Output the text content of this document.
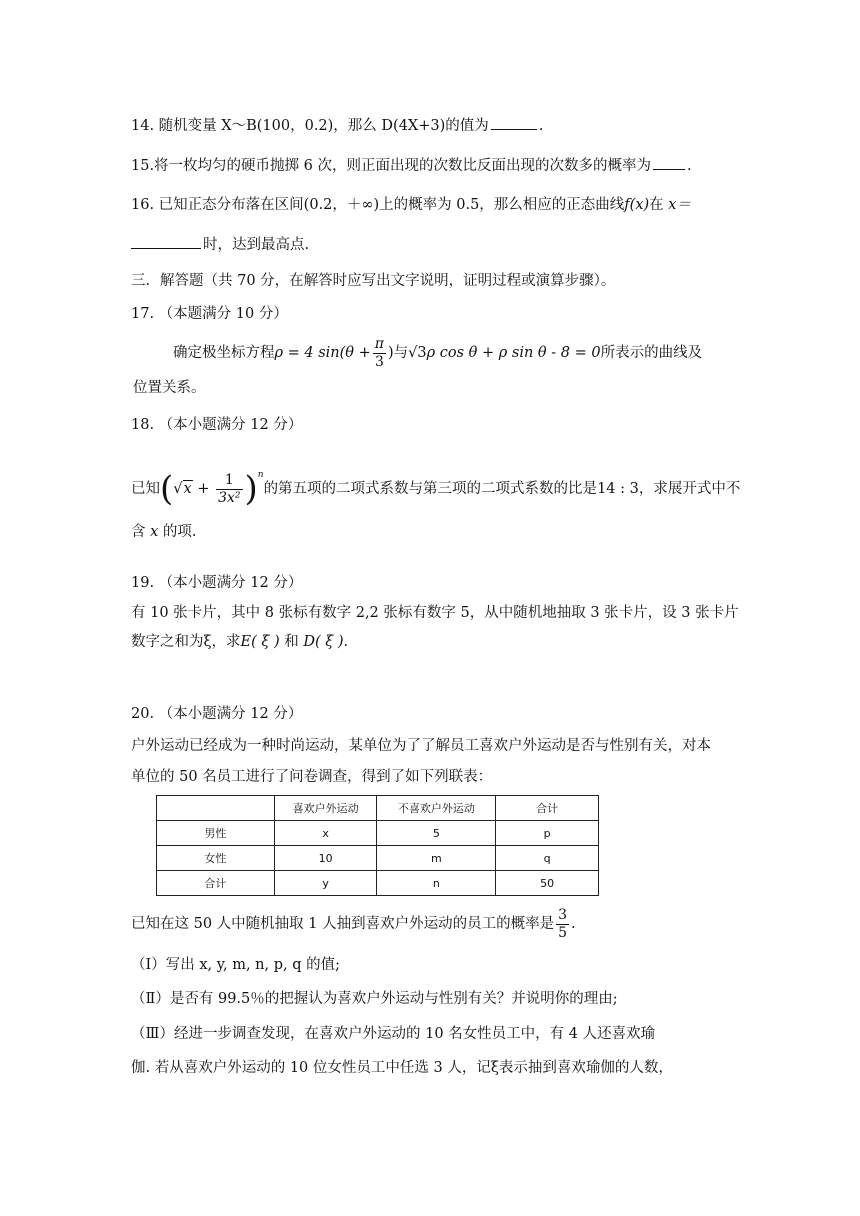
14. 随机变量 X～B(100，0.2)，那么 D(4X+3)的值为	.
15.将一枚均匀的硬币抛掷 6 次，则正面出现的次数比反面出现的次数多的概率为 .
16. 已知正态分布落在区间(0.2，＋∞)上的概率为 0.5，那么相应的正态曲线f(x)在 x＝
时，达到最高点.
三．解答题（共 70 分，在解答时应写出文字说明，证明过程或演算步骤）。
17. （本题满分 10 分）
确定极坐标方程ρ = 4 $\sin(\theta + \frac{\pi}{3}$ )与√3ρ cos θ + ρ sin θ - 8 = 0所表示的曲线及
位置关系。
18. （本小题满分 12 分）
已知$(√x + \frac{1}{\text{3x²}} )^n$的第五项的二项式系数与第三项的二项式系数的比是14 : 3，求展开式中不
含 x 的项.
19. （本小题满分 12 分）
有 10 张卡片，其中 8 张标有数字 2,2 张标有数字 5，从中随机地抽取 3 张卡片，设 3 张卡片
数字之和为ξ，求E( ξ ) 和 D( ξ ).
20. （本小题满分 12 分）
户外运动已经成为一种时尚运动，某单位为了了解员工喜欢户外运动是否与性别有关，对本
单位的 50 名员工进行了问卷调查，得到了如下列联表：
	喜欢户外运动	不喜欢户外运动	合计
男性	x	5	p
女性	10	m	q
合计	y	n	50
已知在这 50 人中随机抽取 1 人抽到喜欢户外运动的员工的概率是 $\frac{3}{5}$ .
（Ⅰ）写出 x, y, m, n, p, q 的值;
（Ⅱ）是否有 99.5％的把握认为喜欢户外运动与性别有关？并说明你的理由;
（Ⅲ）经进一步调查发现，在喜欢户外运动的 10 名女性员工中，有 4 人还喜欢瑜
伽. 若从喜欢户外运动的 10 位女性员工中任选 3 人，记ξ表示抽到喜欢瑜伽的人数，
